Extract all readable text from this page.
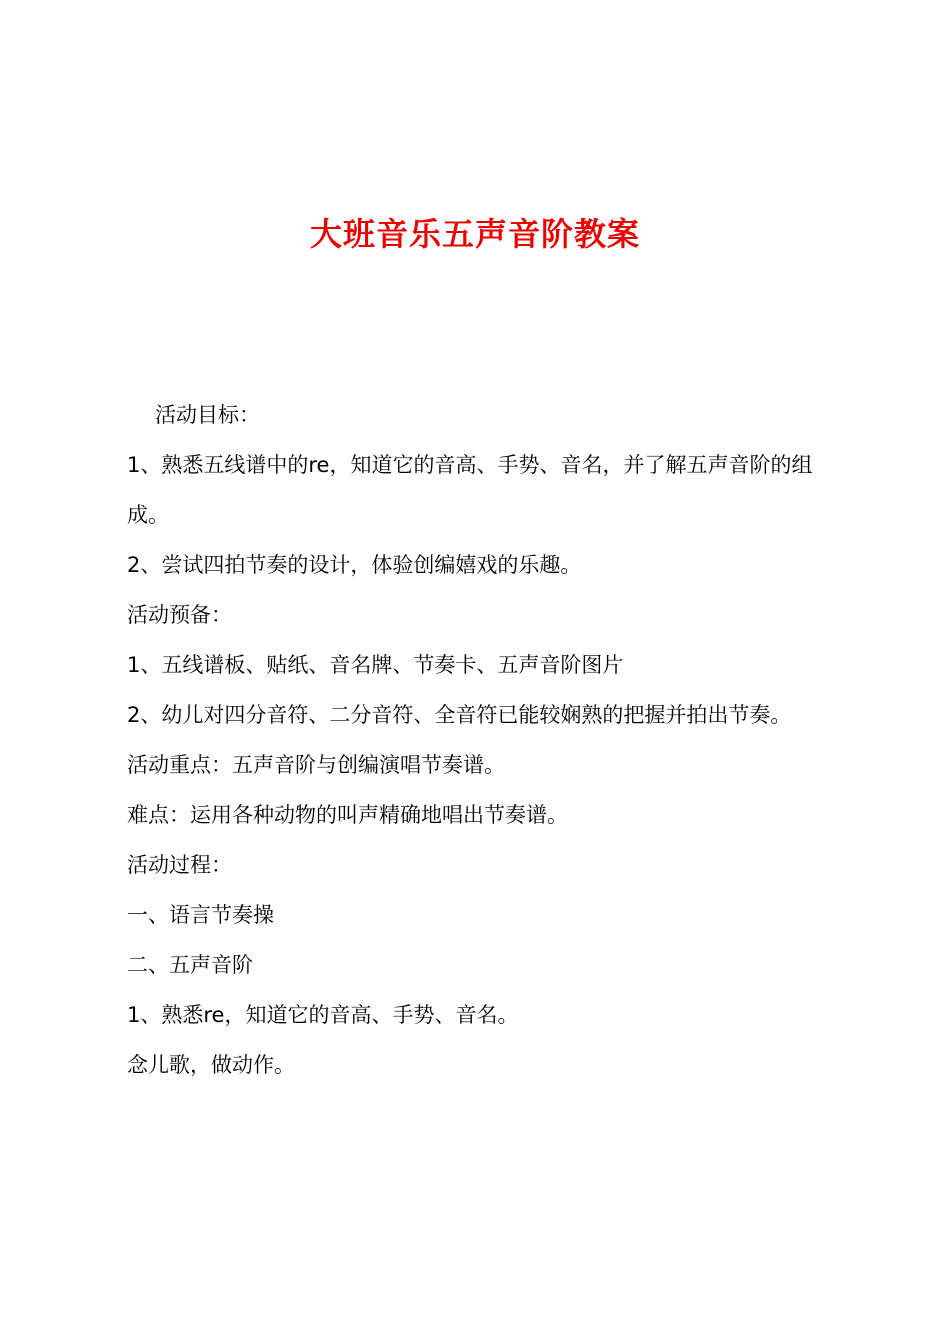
大班音乐五声音阶教案

活动目标：

1、熟悉五线谱中的re，知道它的音高、手势、音名，并了解五声音阶的组成。

2、尝试四拍节奏的设计，体验创编嬉戏的乐趣。

活动预备：

1、五线谱板、贴纸、音名牌、节奏卡、五声音阶图片

2、幼儿对四分音符、二分音符、全音符已能较娴熟的把握并拍出节奏。

活动重点：五声音阶与创编演唱节奏谱。

难点：运用各种动物的叫声精确地唱出节奏谱。

活动过程：

一、语言节奏操

二、五声音阶

1、熟悉re，知道它的音高、手势、音名。

念儿歌，做动作。
